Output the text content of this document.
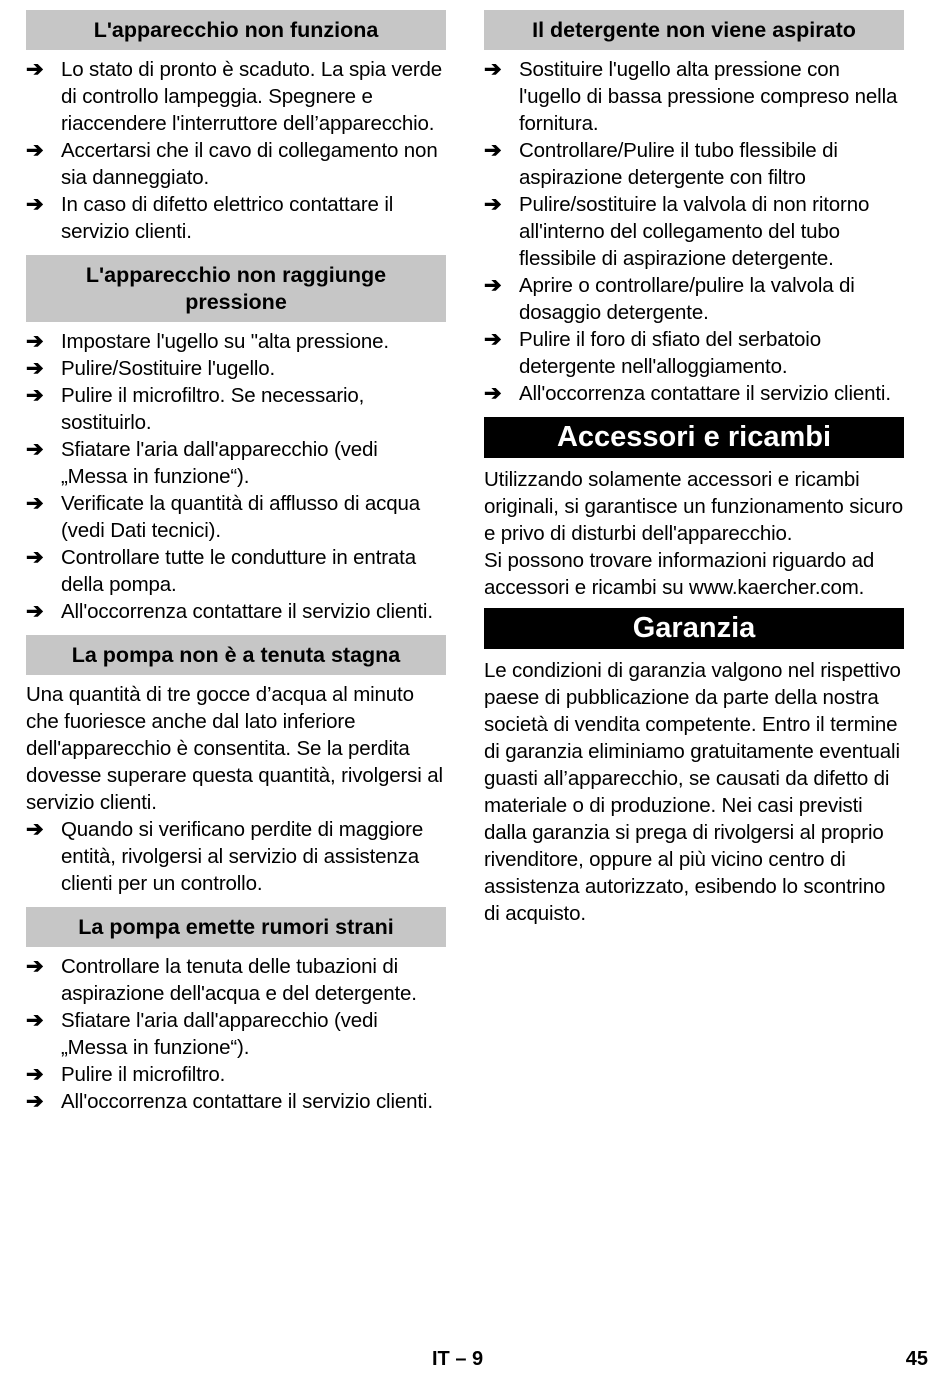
L'apparecchio non funziona
➔ Lo stato di pronto è scaduto. La spia verde di controllo lampeggia. Spegnere e riaccendere l'interruttore dell’apparecchio.
➔ Accertarsi che il cavo di collegamento non sia danneggiato.
➔ In caso di difetto elettrico contattare il servizio clienti.
L'apparecchio non raggiunge pressione
➔ Impostare l'ugello su "alta pressione.
➔ Pulire/Sostituire l'ugello.
➔ Pulire il microfiltro. Se necessario, sostituirlo.
➔ Sfiatare l'aria dall'apparecchio (vedi „Messa in funzione“).
➔ Verificate la quantità di afflusso di acqua (vedi Dati tecnici).
➔ Controllare tutte le condutture in entrata della pompa.
➔ All'occorrenza contattare il servizio clienti.
La pompa non è a tenuta stagna

Una quantità di tre gocce d’acqua al minuto che fuoriesce anche dal lato inferiore dell'apparecchio è consentita. Se la perdita dovesse superare questa quantità, rivolgersi al servizio clienti.

➔ Quando si verificano perdite di maggiore entità, rivolgersi al servizio di assistenza clienti per un controllo.
La pompa emette rumori strani
➔ Controllare la tenuta delle tubazioni di aspirazione dell'acqua e del detergente.
➔ Sfiatare l'aria dall'apparecchio (vedi „Messa in funzione“).
➔ Pulire il microfiltro.
➔ All'occorrenza contattare il servizio clienti.
Il detergente non viene aspirato
➔ Sostituire l'ugello alta pressione con l'ugello di bassa pressione compreso nella fornitura.
➔ Controllare/Pulire il tubo flessibile di aspirazione detergente con filtro
➔ Pulire/sostituire la valvola di non ritorno all'interno del collegamento del tubo flessibile di aspirazione detergente.
➔ Aprire o controllare/pulire la valvola di dosaggio detergente.
➔ Pulire il foro di sfiato del serbatoio detergente nell'alloggiamento.
➔ All'occorrenza contattare il servizio clienti.
Accessori e ricambi

Utilizzando solamente accessori e ricambi originali, si garantisce un funzionamento sicuro e privo di disturbi dell'apparecchio.

Si possono trovare informazioni riguardo ad accessori e ricambi su www.kaercher.com.

Garanzia

Le condizioni di garanzia valgono nel rispettivo paese di pubblicazione da parte della nostra società di vendita competente. Entro il termine di garanzia eliminiamo gratuitamente eventuali guasti all’apparecchio, se causati da difetto di materiale o di produzione. Nei casi previsti dalla garanzia si prega di rivolgersi al proprio rivenditore, oppure al più vicino centro di assistenza autorizzato, esibendo lo scontrino di acquisto.

IT – 9	45
